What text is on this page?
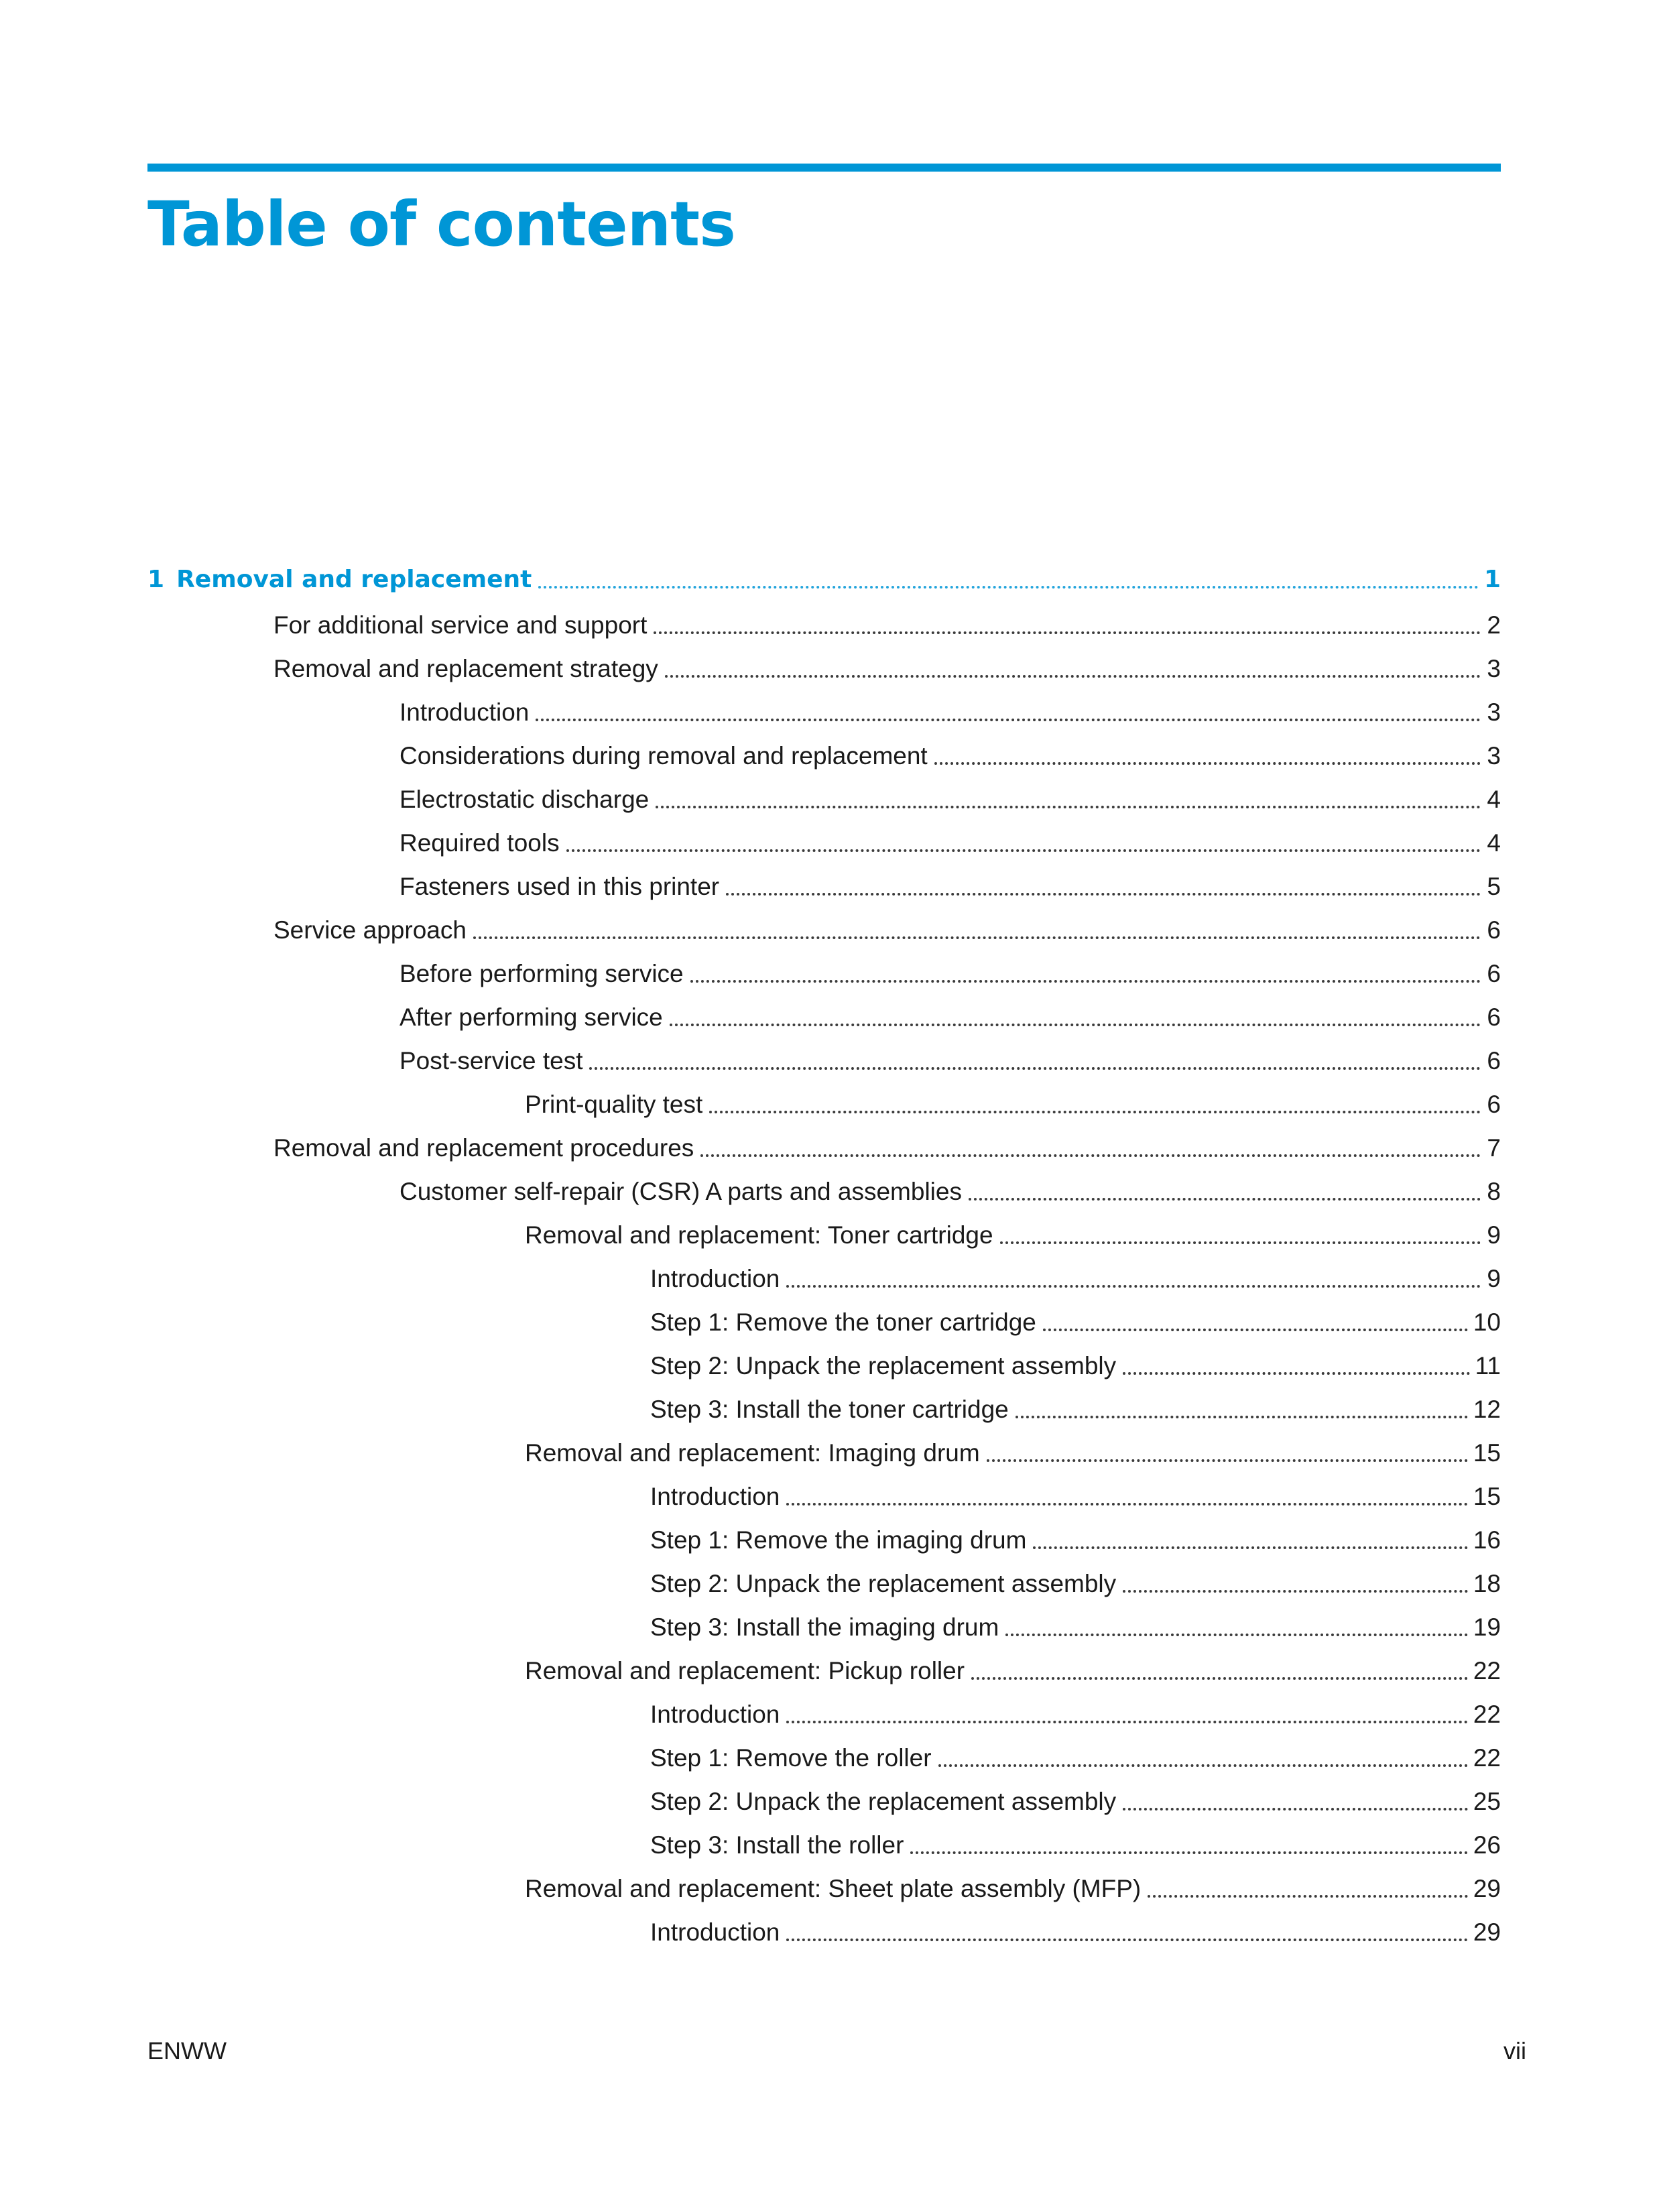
Table of contents
1 Removal and replacement	1
For additional service and support	2
Removal and replacement strategy	3
Introduction	3
Considerations during removal and replacement	3
Electrostatic discharge	4
Required tools	4
Fasteners used in this printer	5
Service approach	6
Before performing service	6
After performing service	6
Post-service test	6
Print-quality test	6
Removal and replacement procedures	7
Customer self-repair (CSR) A parts and assemblies	8
Removal and replacement: Toner cartridge	9
Introduction	9
Step 1: Remove the toner cartridge	10
Step 2: Unpack the replacement assembly	11
Step 3: Install the toner cartridge	12
Removal and replacement: Imaging drum	15
Introduction	15
Step 1: Remove the imaging drum	16
Step 2: Unpack the replacement assembly	18
Step 3: Install the imaging drum	19
Removal and replacement: Pickup roller	22
Introduction	22
Step 1: Remove the roller	22
Step 2: Unpack the replacement assembly	25
Step 3: Install the roller	26
Removal and replacement: Sheet plate assembly (MFP)	29
Introduction	29
ENWW	vii
